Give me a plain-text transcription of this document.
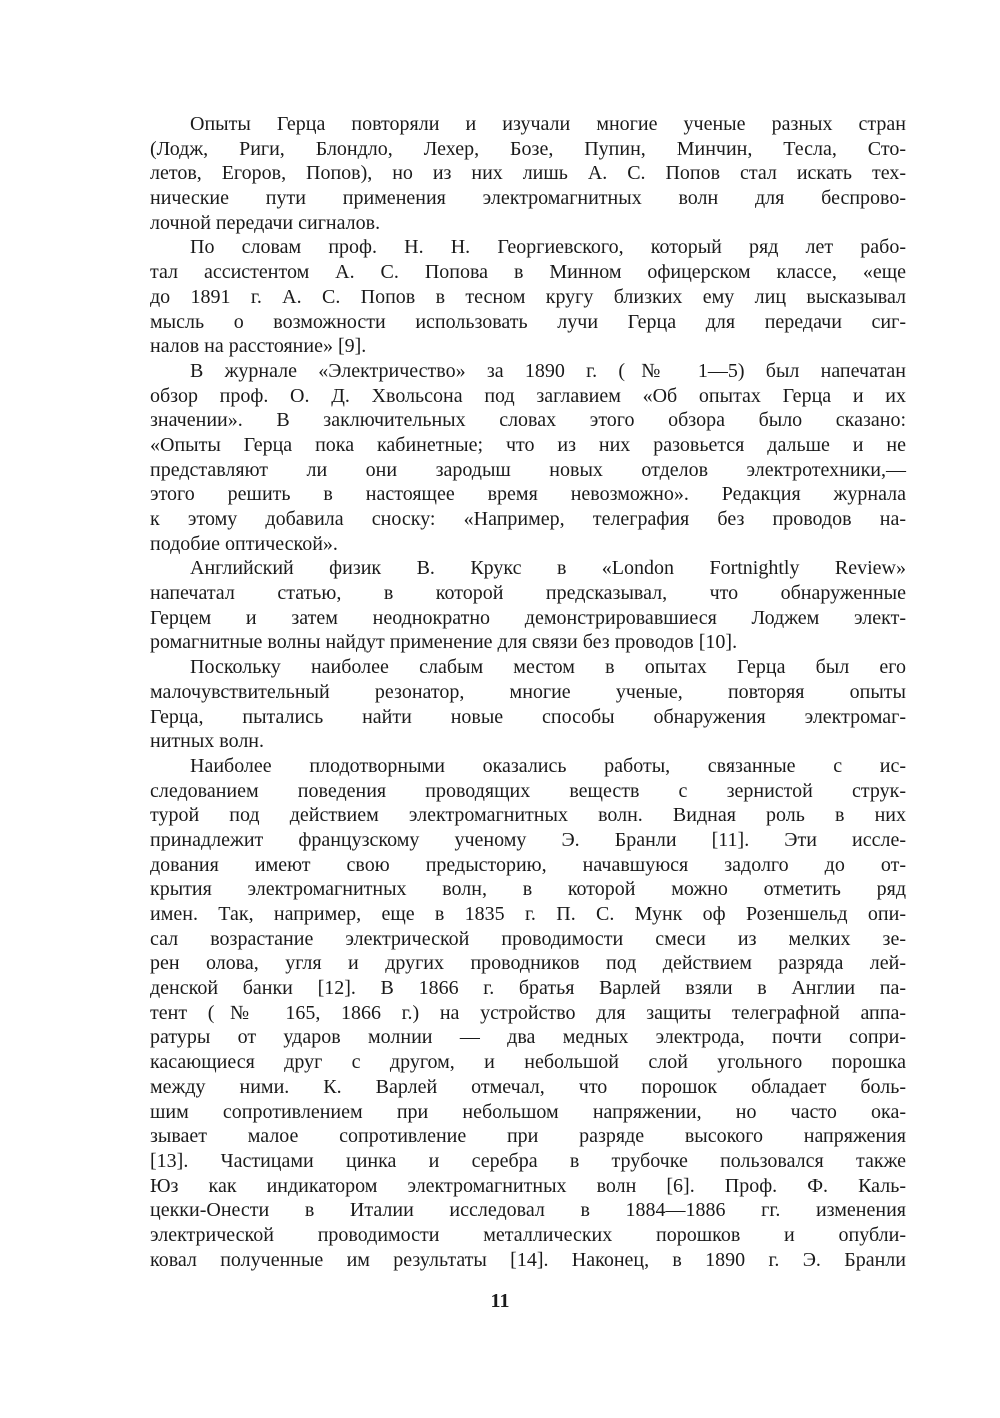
Опыты Герца повторяли и изучали многие ученые разных стран
(Лодж, Риги, Блондло, Лехер, Бозе, Пупин, Минчин, Тесла, Сто-
летов, Егоров, Попов), но из них лишь А. С. Попов стал искать тех-
нические пути применения электромагнитных волн для беспрово-
лочной передачи сигналов.
По словам проф. Н. Н. Георгиевского, который ряд лет рабо-
тал ассистентом А. С. Попова в Минном офицерском классе, «еще
до 1891 г. А. С. Попов в тесном кругу близких ему лиц высказывал
мысль о возможности использовать лучи Герца для передачи сиг-
налов на расстояние» [9].
В журнале «Электричество» за 1890 г. (№ 1—5) был напечатан
обзор проф. О. Д. Хвольсона под заглавием «Об опытах Герца и их
значении». В заключительных словах этого обзора было сказано:
«Опыты Герца пока кабинетные; что из них разовьется дальше и не
представляют ли они зародыш новых отделов электротехники,—
этого решить в настоящее время невозможно». Редакция журнала
к этому добавила сноску: «Например, телеграфия без проводов на-
подобие оптической».
Английский физик В. Крукс в «London Fortnightly Review»
напечатал статью, в которой предсказывал, что обнаруженные
Герцем и затем неоднократно демонстрировавшиеся Лоджем элект-
ромагнитные волны найдут применение для связи без проводов [10].
Поскольку наиболее слабым местом в опытах Герца был его
малочувствительный резонатор, многие ученые, повторяя опыты
Герца, пытались найти новые способы обнаружения электромаг-
нитных волн.
Наиболее плодотворными оказались работы, связанные с ис-
следованием поведения проводящих веществ с зернистой струк-
турой под действием электромагнитных волн. Видная роль в них
принадлежит французскому ученому Э. Бранли [11]. Эти иссле-
дования имеют свою предысторию, начавшуюся задолго до от-
крытия электромагнитных волн, в которой можно отметить ряд
имен. Так, например, еще в 1835 г. П. С. Мунк оф Розеншельд опи-
сал возрастание электрической проводимости смеси из мелких зе-
рен олова, угля и других проводников под действием разряда лей-
денской банки [12]. В 1866 г. братья Варлей взяли в Англии па-
тент (№ 165, 1866 г.) на устройство для защиты телеграфной аппа-
ратуры от ударов молнии — два медных электрода, почти сопри-
касающиеся друг с другом, и небольшой слой угольного порошка
между ними. К. Варлей отмечал, что порошок обладает боль-
шим сопротивлением при небольшом напряжении, но часто ока-
зывает малое сопротивление при разряде высокого напряжения
[13]. Частицами цинка и серебра в трубочке пользовался также
Юз как индикатором электромагнитных волн [6]. Проф. Ф. Каль-
цекки-Онести в Италии исследовал в 1884—1886 гг. изменения
электрической проводимости металлических порошков и опубли-
ковал полученные им результаты [14]. Наконец, в 1890 г. Э. Бранли
11
